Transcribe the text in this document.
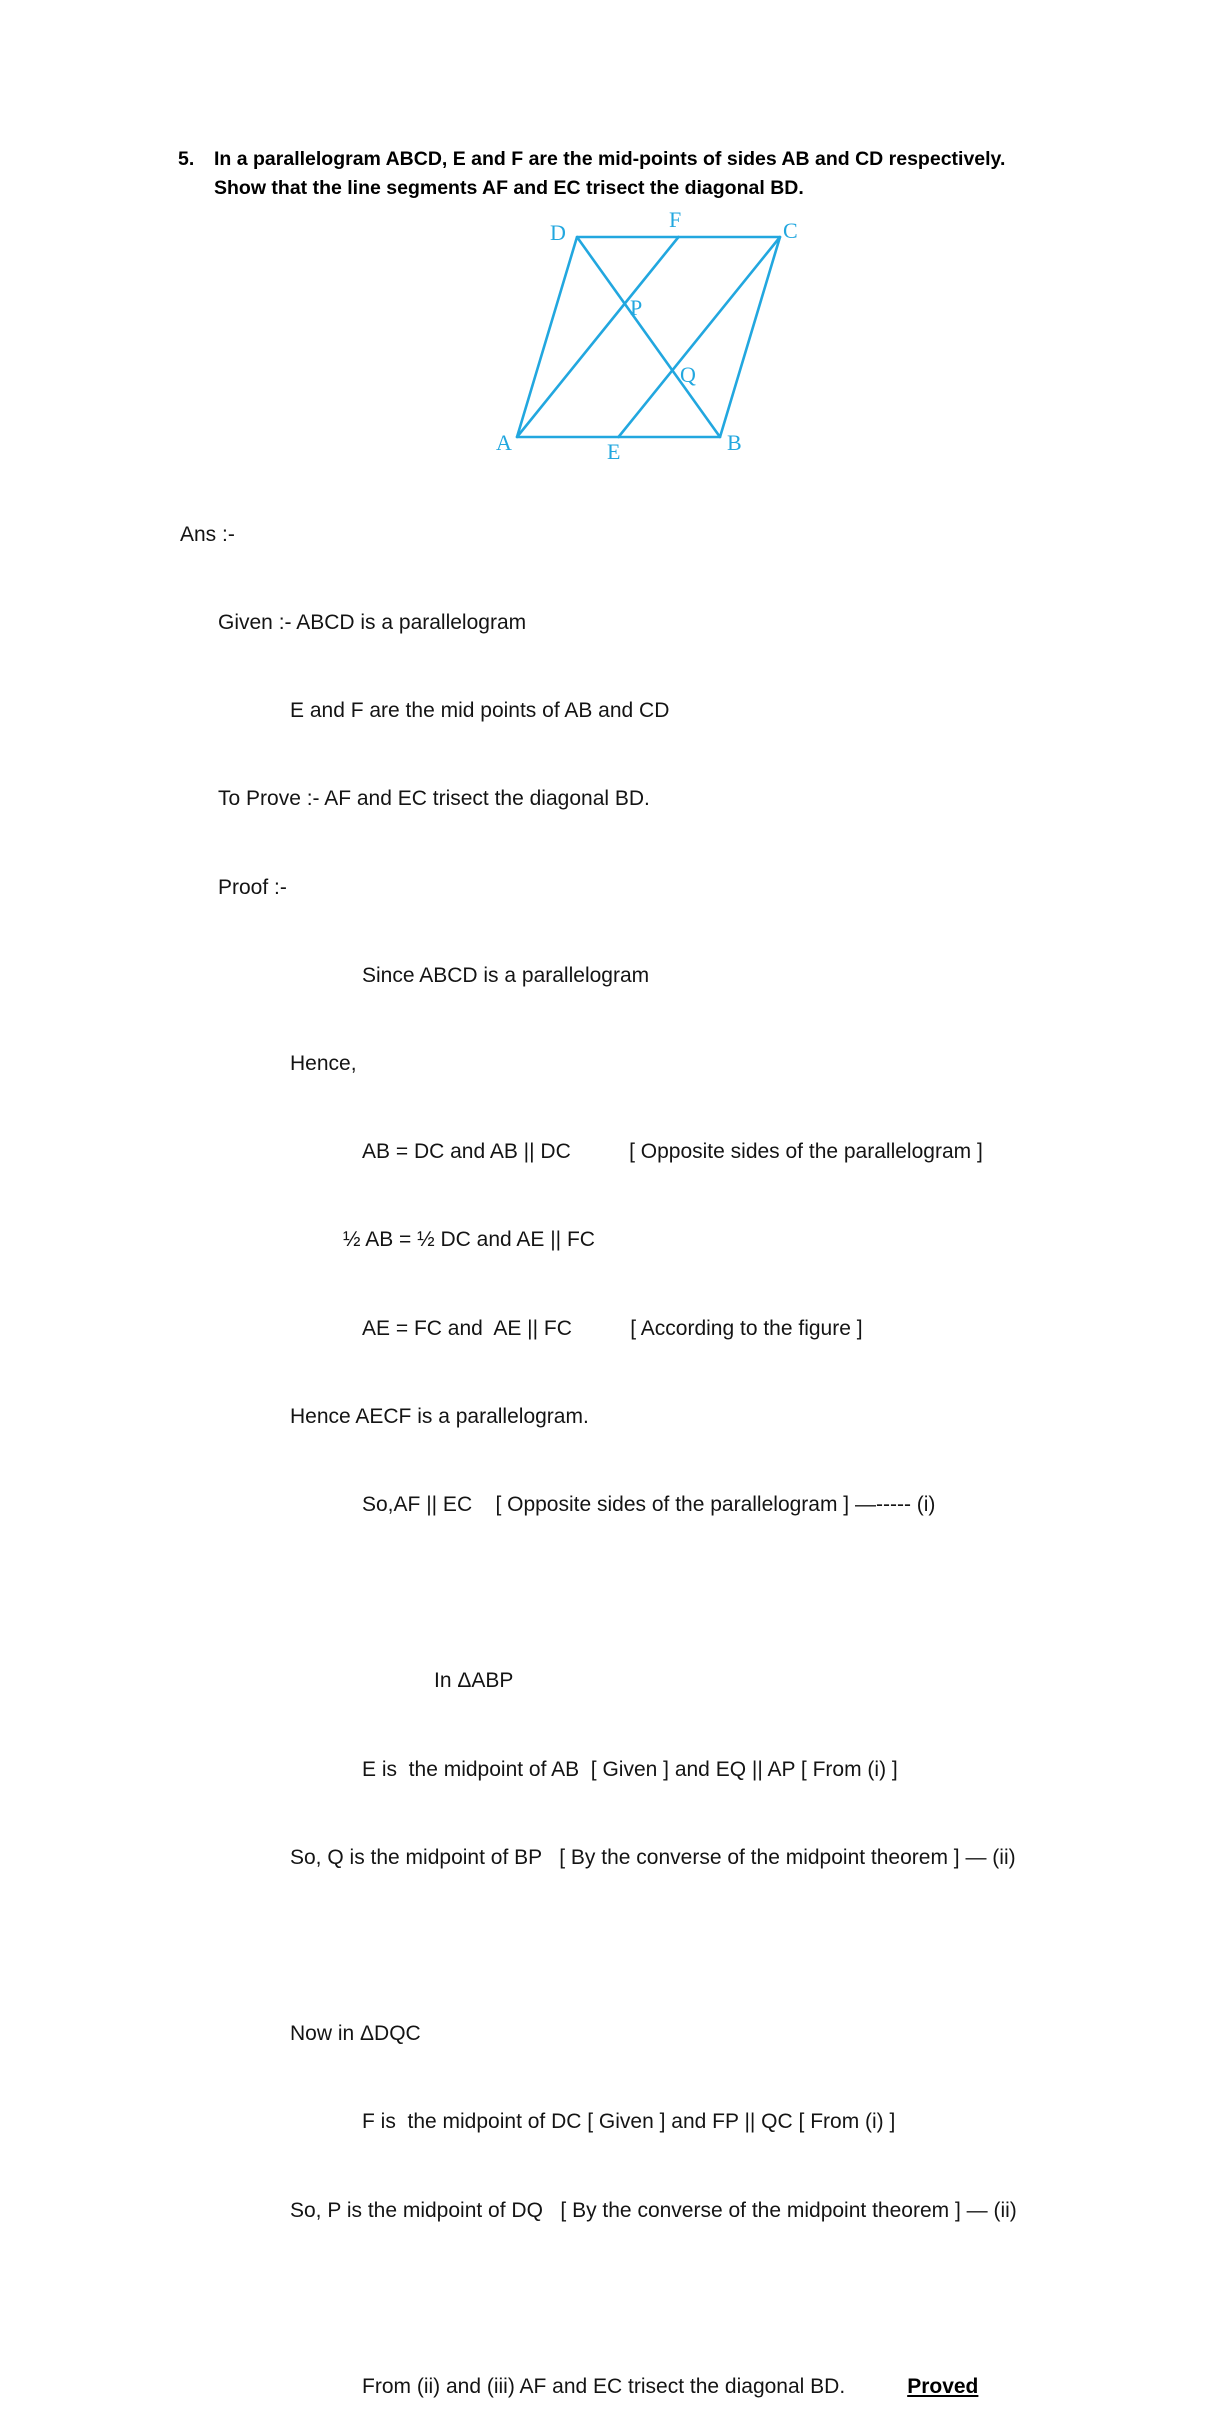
5.	In a parallelogram ABCD, E and F are the mid-points of sides AB and CD respectively. Show that the line segments AF and EC trisect the diagonal BD.
D
F	C
A	E	B
P
Q

Ans :-

Given :- ABCD is a parallelogram

E and F are the mid points of AB and CD

To Prove :- AF and EC trisect the diagonal BD.

Proof :-

Since ABCD is a parallelogram

Hence,

AB = DC and AB || DC          [ Opposite sides of the parallelogram ]

½ AB = ½ DC and AE || FC

AE = FC and  AE || FC          [ According to the figure ]

Hence AECF is a parallelogram.

So,AF || EC    [ Opposite sides of the parallelogram ] —----- (i)

In ΔABP

E is  the midpoint of AB  [ Given ] and EQ || AP [ From (i) ]

So, Q is the midpoint of BP   [ By the converse of the midpoint theorem ] — (ii)

Now in ΔDQC

F is  the midpoint of DC [ Given ] and FP || QC [ From (i) ]

So, P is the midpoint of DQ   [ By the converse of the midpoint theorem ] — (ii)

From (ii) and (iii) AF and EC trisect the diagonal BD.	Proved
